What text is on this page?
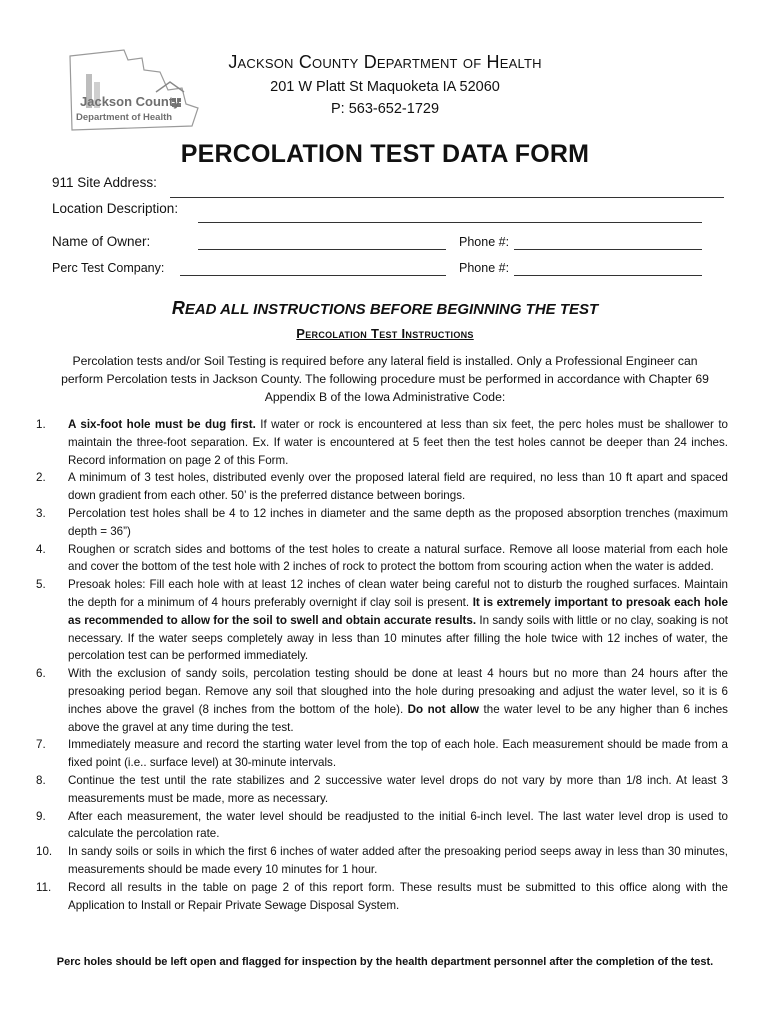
Jackson County
Department of Health
Jackson County Department of Health
201 W Platt St Maquoketa IA 52060
P: 563-652-1729
PERCOLATION TEST DATA FORM
911 Site Address:
Location Description:
Name of Owner:	Phone #:
Perc Test Company:	Phone #:
READ ALL INSTRUCTIONS BEFORE BEGINNING THE TEST
Percolation Test Instructions
Percolation tests and/or Soil Testing is required before any lateral field is installed. Only a Professional Engineer can perform Percolation tests in Jackson County. The following procedure must be performed in accordance with Chapter 69 Appendix B of the Iowa Administrative Code:
1.	A six-foot hole must be dug first. If water or rock is encountered at less than six feet, the perc holes must be shallower to maintain the three-foot separation. Ex. If water is encountered at 5 feet then the test holes cannot be deeper than 24 inches. Record information on page 2 of this Form.
2.	A minimum of 3 test holes, distributed evenly over the proposed lateral field are required, no less than 10 ft apart and spaced down gradient from each other. 50’ is the preferred distance between borings.
3.	Percolation test holes shall be 4 to 12 inches in diameter and the same depth as the proposed absorption trenches (maximum depth = 36”)
4.	Roughen or scratch sides and bottoms of the test holes to create a natural surface. Remove all loose material from each hole and cover the bottom of the test hole with 2 inches of rock to protect the bottom from scouring action when the water is added.
5.	Presoak holes: Fill each hole with at least 12 inches of clean water being careful not to disturb the roughed surfaces. Maintain the depth for a minimum of 4 hours preferably overnight if clay soil is present. It is extremely important to presoak each hole as recommended to allow for the soil to swell and obtain accurate results. In sandy soils with little or no clay, soaking is not necessary. If the water seeps completely away in less than 10 minutes after filling the hole twice with 12 inches of water, the percolation test can be performed immediately.
6.	With the exclusion of sandy soils, percolation testing should be done at least 4 hours but no more than 24 hours after the presoaking period began. Remove any soil that sloughed into the hole during presoaking and adjust the water level, so it is 6 inches above the gravel (8 inches from the bottom of the hole). Do not allow the water level to be any higher than 6 inches above the gravel at any time during the test.
7.	Immediately measure and record the starting water level from the top of each hole. Each measurement should be made from a fixed point (i.e.. surface level) at 30-minute intervals.
8.	Continue the test until the rate stabilizes and 2 successive water level drops do not vary by more than 1/8 inch. At least 3 measurements must be made, more as necessary.
9.	After each measurement, the water level should be readjusted to the initial 6-inch level. The last water level drop is used to calculate the percolation rate.
10.	In sandy soils or soils in which the first 6 inches of water added after the presoaking period seeps away in less than 30 minutes, measurements should be made every 10 minutes for 1 hour.
11.	Record all results in the table on page 2 of this report form. These results must be submitted to this office along with the Application to Install or Repair Private Sewage Disposal System.
Perc holes should be left open and flagged for inspection by the health department personnel after the completion of the test.
